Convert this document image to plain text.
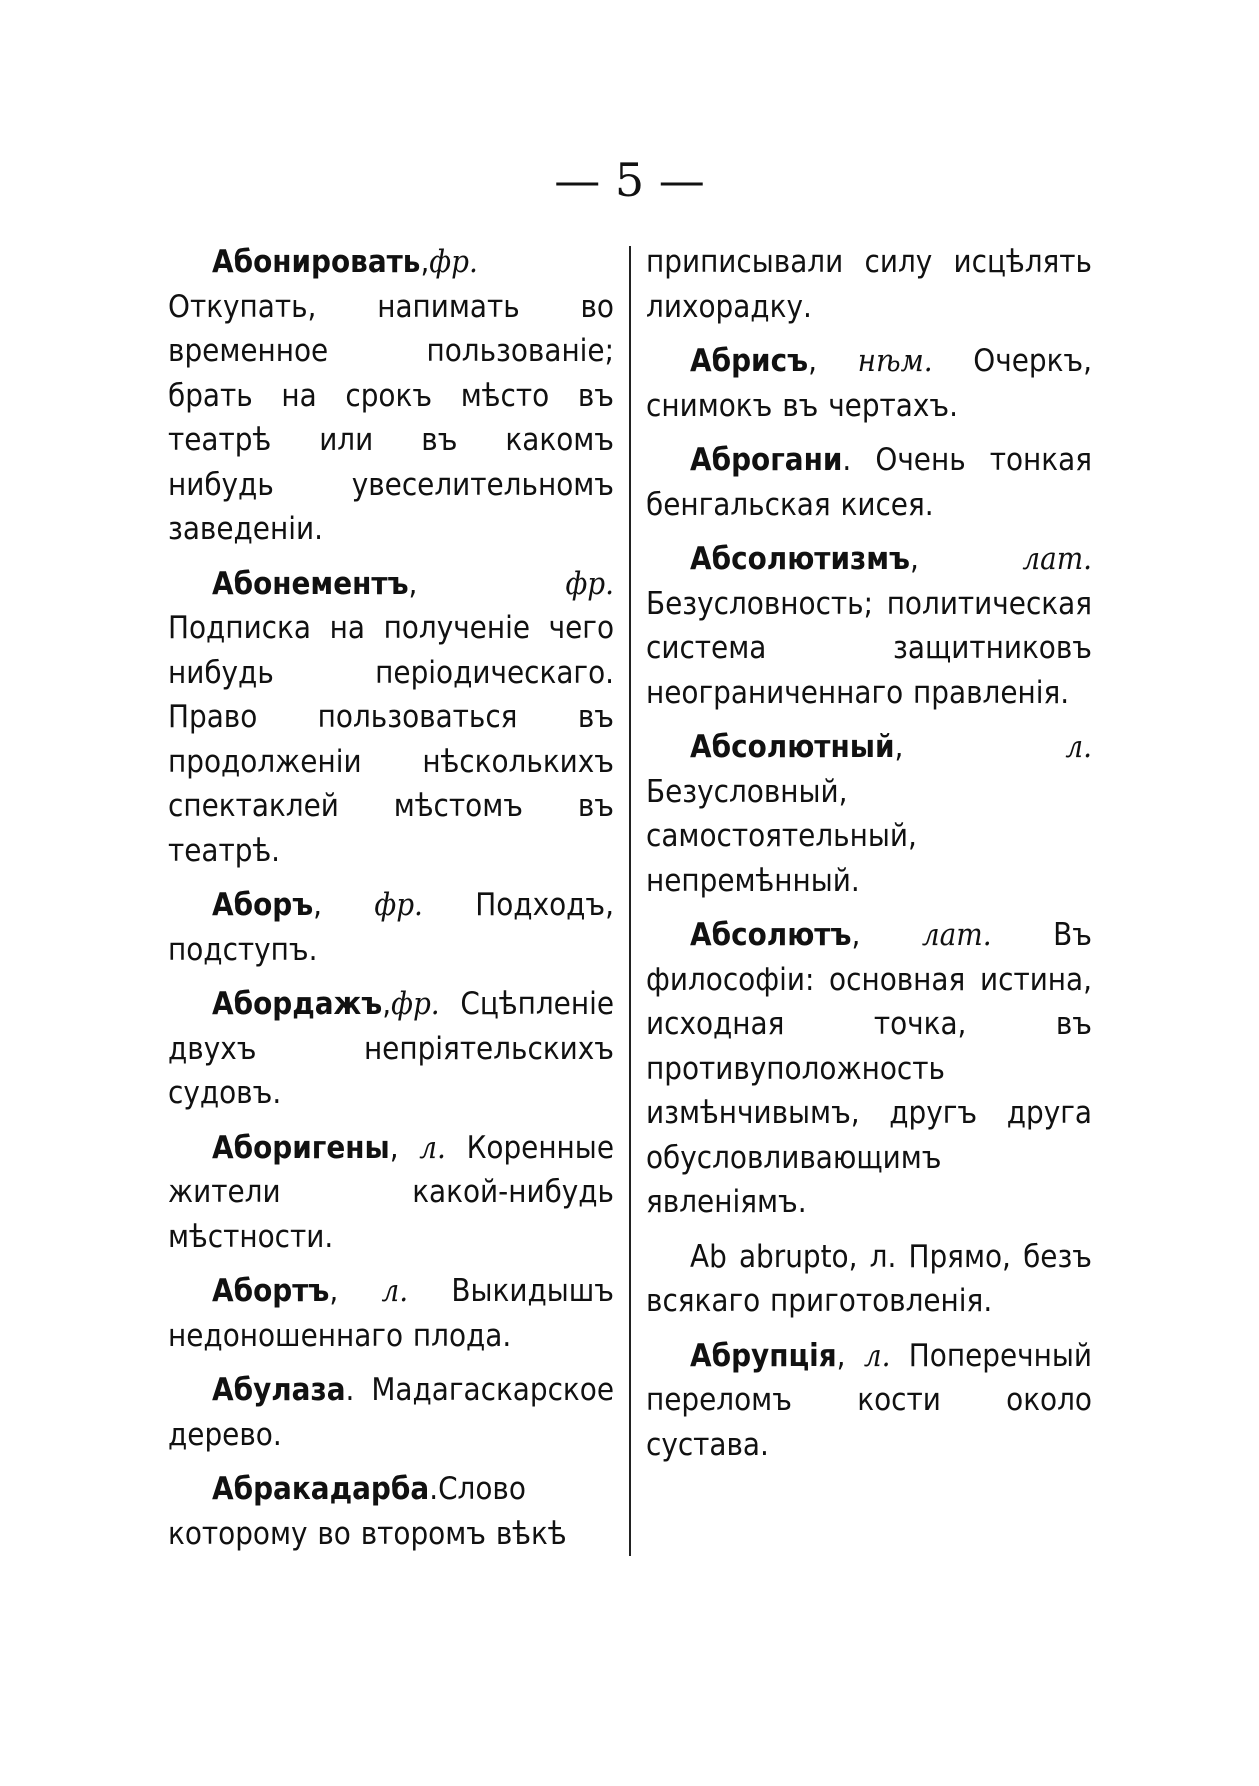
— 5 —

Абонировать,фр. Откупать, напимать во временное пользованіе; брать на срокъ мѣсто въ театрѣ или въ какомъ нибудь увеселительномъ заведеніи.

Абонементъ, фр. Подписка на полученіе чего нибудь періодическаго. Право пользоваться въ продолженіи нѣсколькихъ спектаклей мѣстомъ въ театрѣ.

Аборъ, фр. Подходъ, подступъ.

Абордажъ,фр. Сцѣпленіе двухъ непріятельскихъ судовъ.

Аборигены, л. Коренные жители какой-нибудь мѣстности.

Абортъ, л. Выкидышъ недоношеннаго плода.

Абулаза. Мадагаскарское дерево.

Абракадарба.Слово которому во второмъ вѣкѣ

приписывали силу исцѣлять лихорадку.

Абрисъ, нѣм. Очеркъ, снимокъ въ чертахъ.

Аброгани. Очень тонкая бенгальская кисея.

Абсолютизмъ, лат. Безусловность; политическая система защитниковъ неограниченнаго правленія.

Абсолютный, л. Безусловный, самостоятельный, непремѣнный.

Абсолютъ, лат. Въ философіи: основная истина, исходная точка, въ противуположность измѣнчивымъ, другъ друга обусловливающимъ явленіямъ.

Ab abrupto, л. Прямо, безъ всякаго приготовленія.

Абрупція, л. Поперечный переломъ кости около сустава.
